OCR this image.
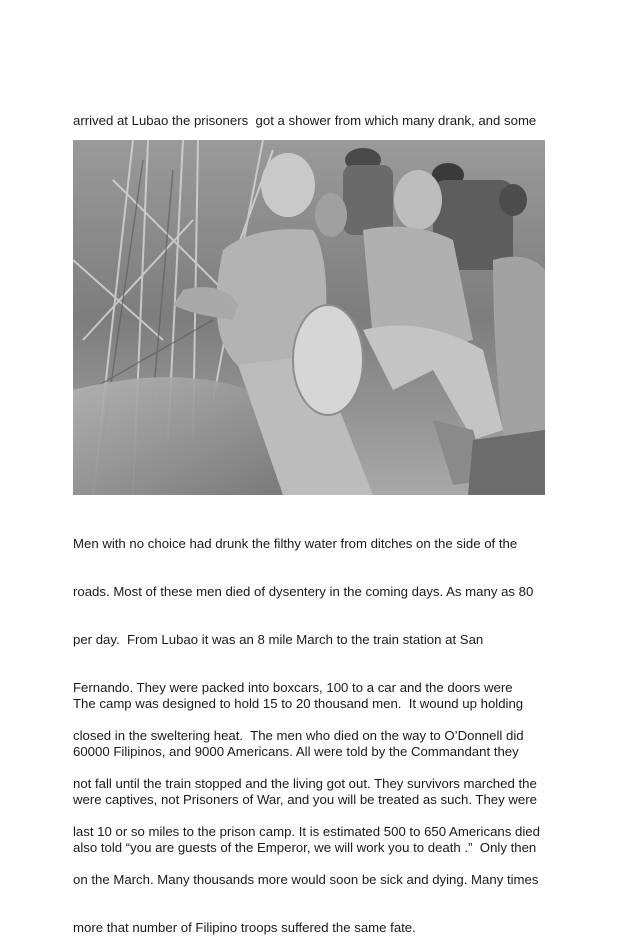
arrived at Lubao the prisoners  got a shower from which many drank, and some

Men with no choice had drunk the filthy water from ditches on the side of the

roads. Most of these men died of dysentery in the coming days. As many as 80

per day.  From Lubao it was an 8 mile March to the train station at San

Fernando. They were packed into boxcars, 100 to a car and the doors were

closed in the sweltering heat.  The men who died on the way to O’Donnell did

not fall until the train stopped and the living got out. They survivors marched the

last 10 or so miles to the prison camp. It is estimated 500 to 650 Americans died

on the March. Many thousands more would soon be sick and dying. Many times

more that number of Filipino troops suffered the same fate.

The camp was designed to hold 15 to 20 thousand men.  It wound up holding

60000 Filipinos, and 9000 Americans. All were told by the Commandant they

were captives, not Prisoners of War, and you will be treated as such. They were

also told “you are guests of the Emperor, we will work you to death .”  Only then
